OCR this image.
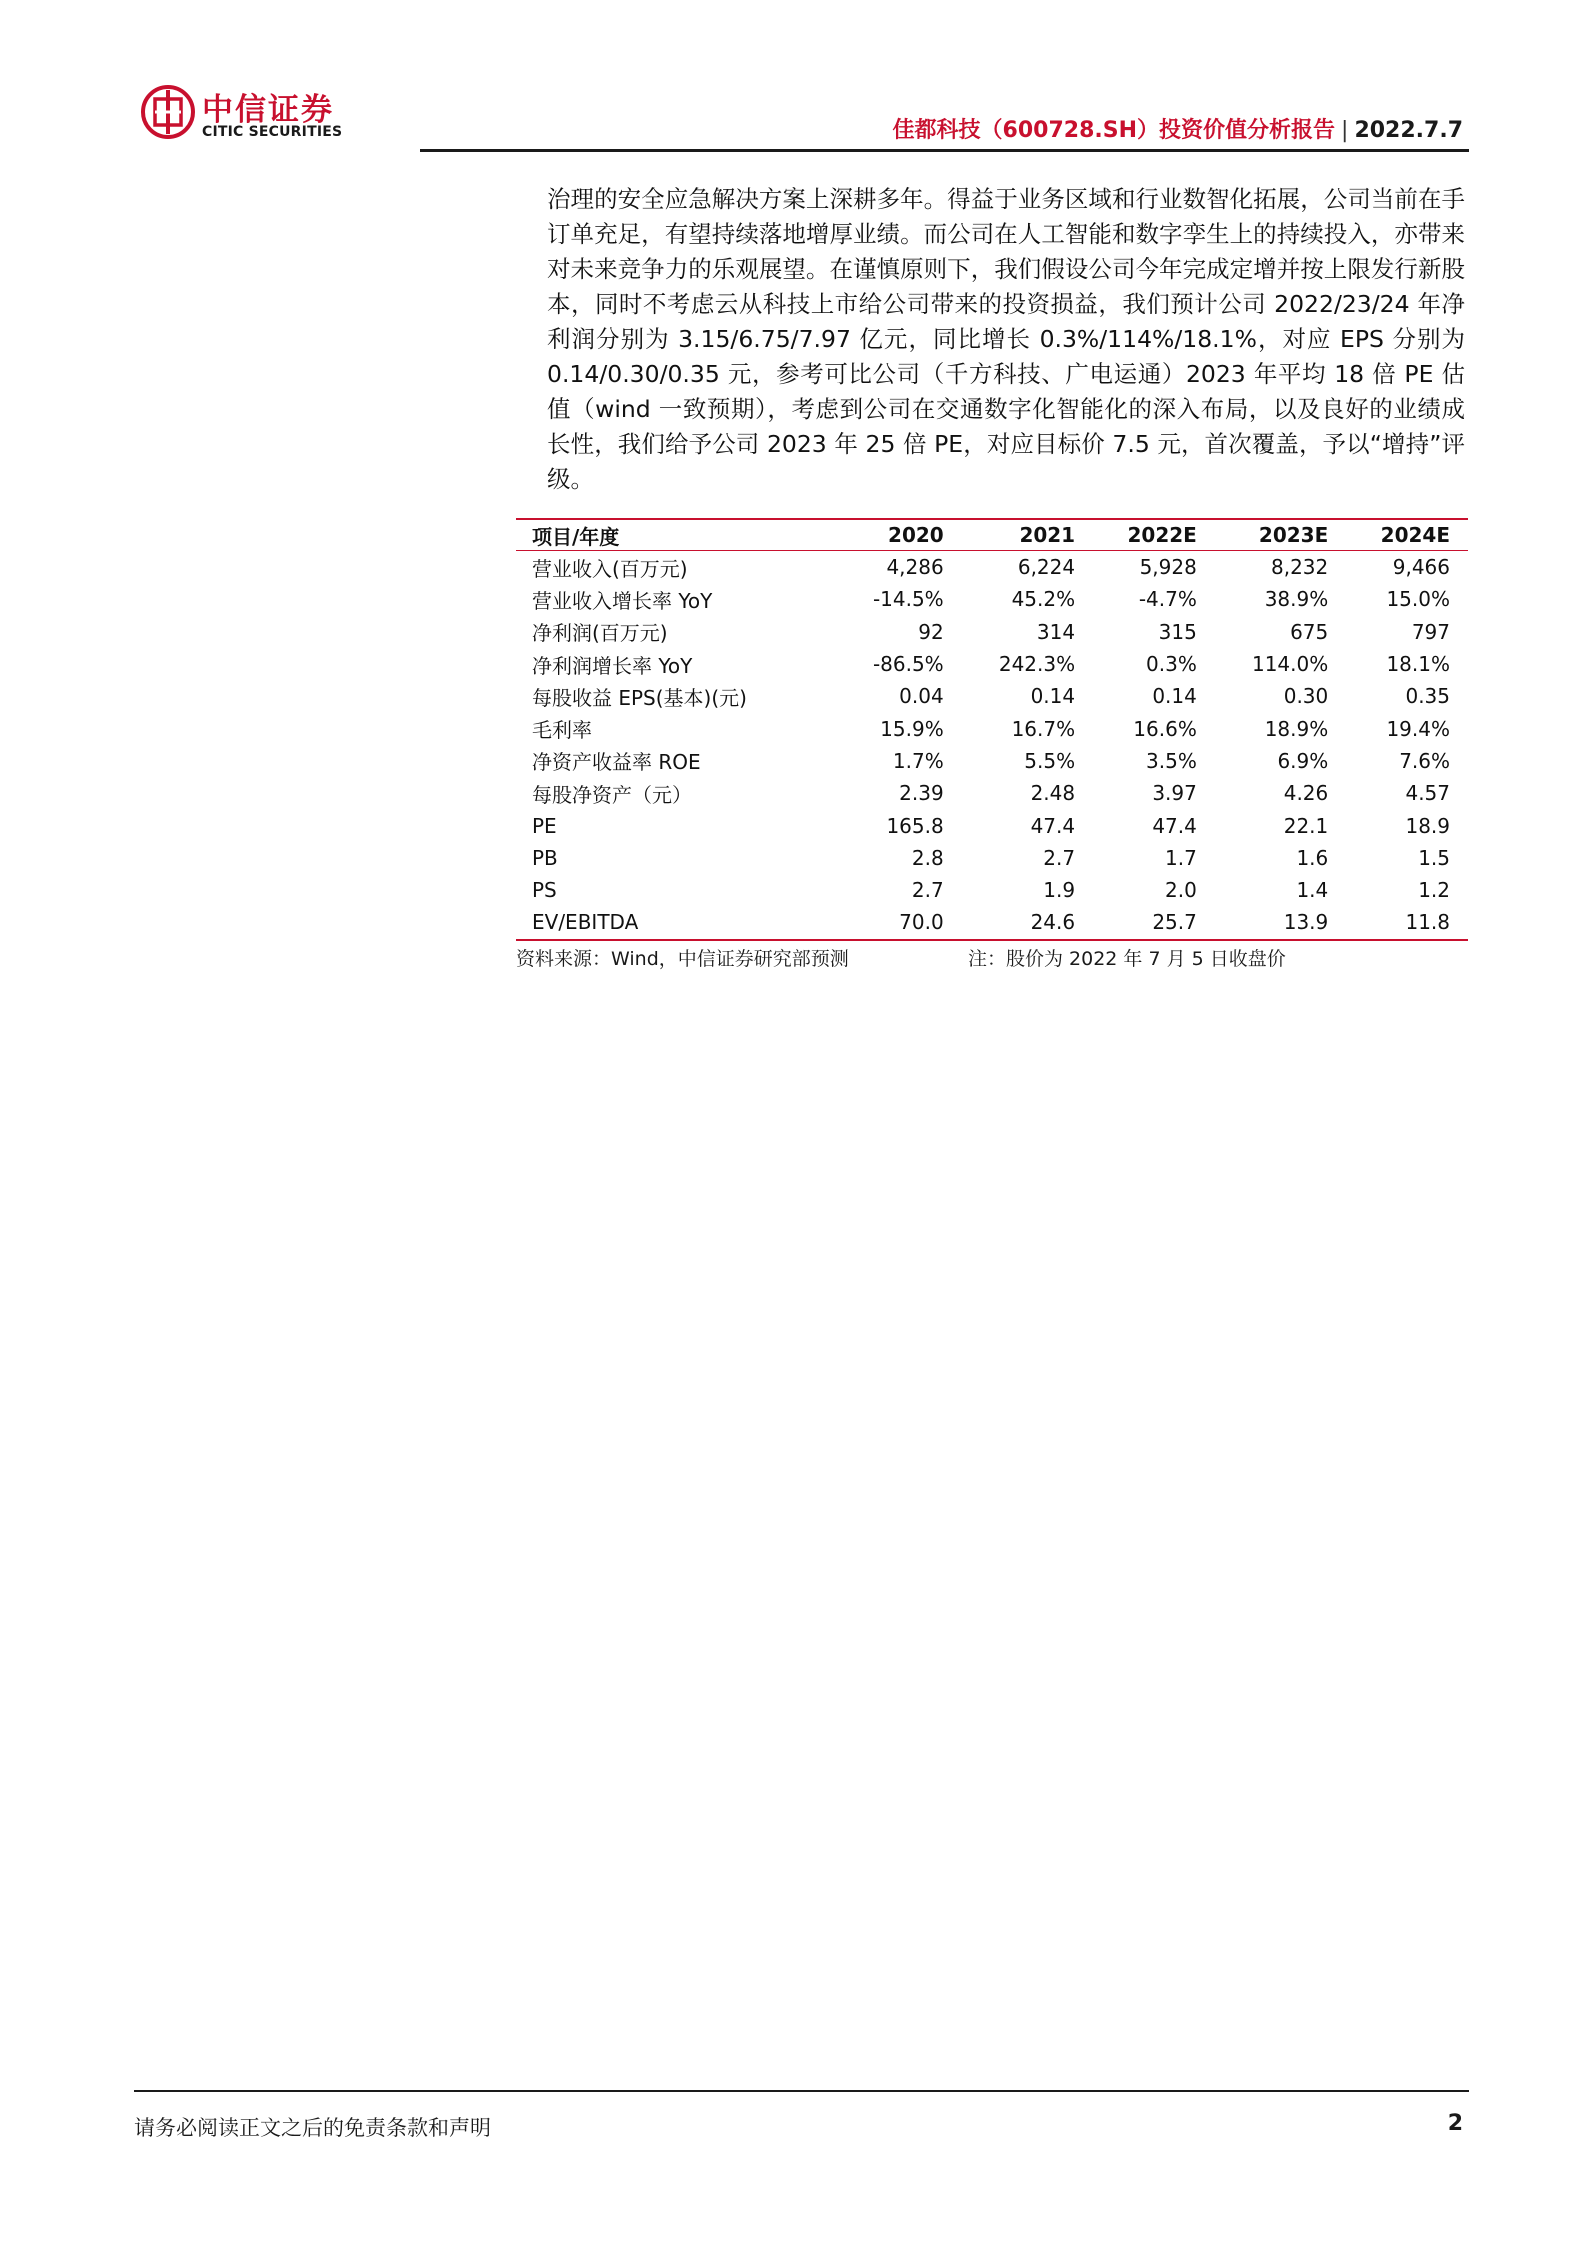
中信证券
CITIC SECURITIES	佳都科技（600728.SH）投资价值分析报告 | 2022.7.7
治理的安全应急解决方案上深耕多年。得益于业务区域和行业数智化拓展，公司当前在手订单充足，有望持续落地增厚业绩。而公司在人工智能和数字孪生上的持续投入，亦带来对未来竞争力的乐观展望。在谨慎原则下，我们假设公司今年完成定增并按上限发行新股本，同时不考虑云从科技上市给公司带来的投资损益，我们预计公司 2022/23/24 年净利润分别为 3.15/6.75/7.97 亿元，同比增长 0.3%/114%/18.1%，对应 EPS 分别为 0.14/0.30/0.35 元，参考可比公司（千方科技、广电运通）2023 年平均 18 倍 PE 估值（wind 一致预期），考虑到公司在交通数字化智能化的深入布局，以及良好的业绩成长性，我们给予公司 2023 年 25 倍 PE，对应目标价 7.5 元，首次覆盖，予以“增持”评级。
项目/年度	2020	2021	2022E	2023E	2024E
营业收入(百万元)	4,286	6,224	5,928	8,232	9,466
营业收入增长率 YoY	-14.5%	45.2%	-4.7%	38.9%	15.0%
净利润(百万元)	92	314	315	675	797
净利润增长率 YoY	-86.5%	242.3%	0.3%	114.0%	18.1%
每股收益 EPS(基本)(元)	0.04	0.14	0.14	0.30	0.35
毛利率	15.9%	16.7%	16.6%	18.9%	19.4%
净资产收益率 ROE	1.7%	5.5%	3.5%	6.9%	7.6%
每股净资产（元）	2.39	2.48	3.97	4.26	4.57
PE	165.8	47.4	47.4	22.1	18.9
PB	2.8	2.7	1.7	1.6	1.5
PS	2.7	1.9	2.0	1.4	1.2
EV/EBITDA	70.0	24.6	25.7	13.9	11.8
资料来源：Wind，中信证券研究部预测	注：股价为 2022 年 7 月 5 日收盘价
请务必阅读正文之后的免责条款和声明	2
